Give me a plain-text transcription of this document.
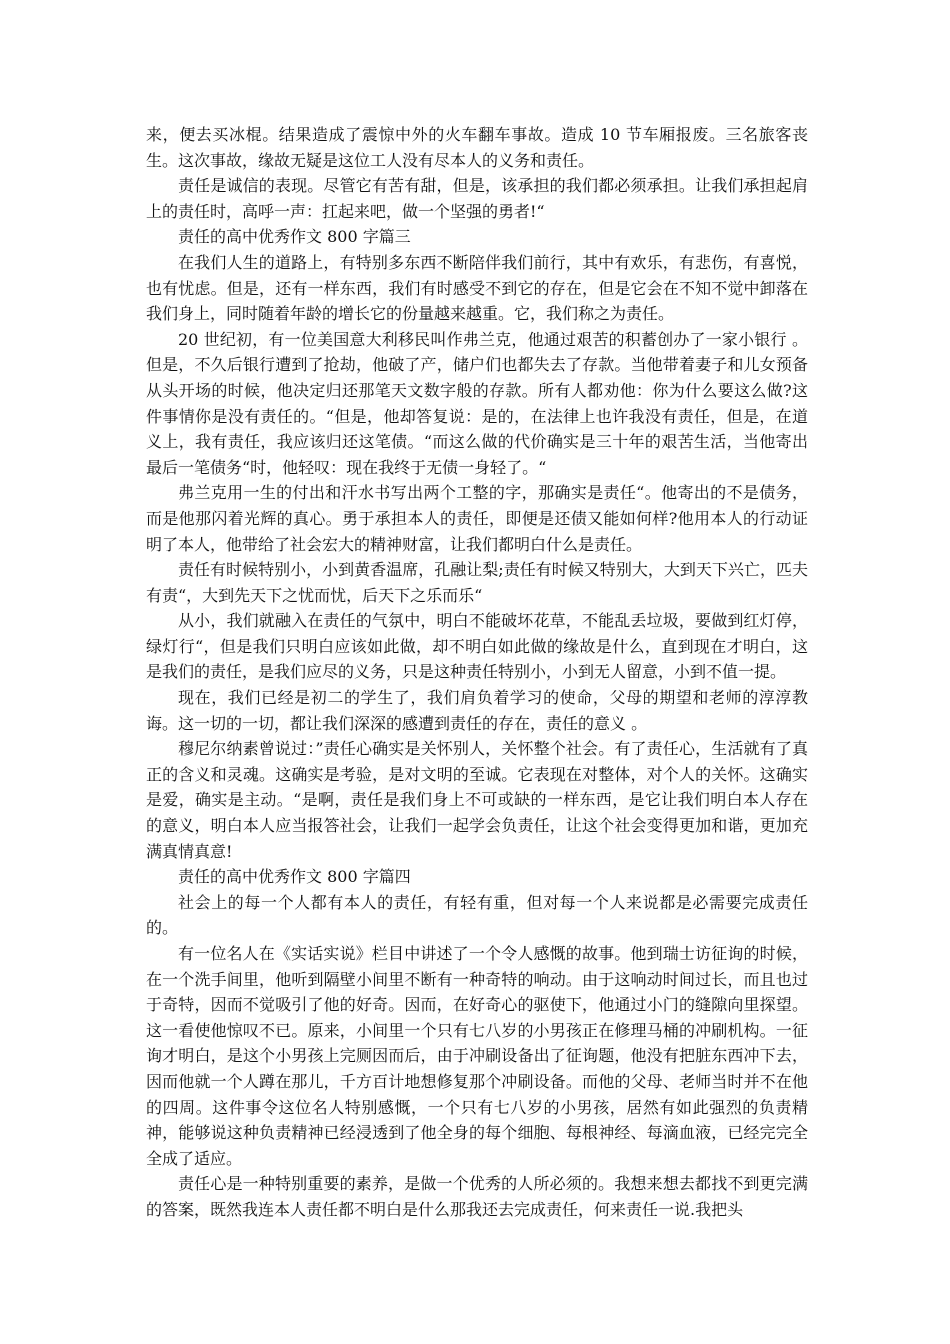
来，便去买冰棍。结果造成了震惊中外的火车翻车事故。造成 10 节车厢报废。三名旅客丧生。这次事故，缘故无疑是这位工人没有尽本人的义务和责任。

责任是诚信的表现。尽管它有苦有甜，但是，该承担的我们都必须承担。让我们承担起肩上的责任时，高呼一声：扛起来吧，做一个坚强的勇者!“

责任的高中优秀作文 800 字篇三

在我们人生的道路上，有特别多东西不断陪伴我们前行，其中有欢乐，有悲伤，有喜悦，也有忧虑。但是，还有一样东西，我们有时感受不到它的存在，但是它会在不知不觉中卸落在我们身上，同时随着年龄的增长它的份量越来越重。它，我们称之为责任。

20 世纪初，有一位美国意大利移民叫作弗兰克，他通过艰苦的积蓄创办了一家小银行 。但是，不久后银行遭到了抢劫，他破了产，储户们也都失去了存款。当他带着妻子和儿女预备从头开场的时候，他决定归还那笔天文数字般的存款。所有人都劝他：你为什么要这么做?这件事情你是没有责任的。“但是，他却答复说：是的，在法律上也许我没有责任，但是，在道义上，我有责任，我应该归还这笔债。“而这么做的代价确实是三十年的艰苦生活，当他寄出最后一笔债务“时，他轻叹：现在我终于无债一身轻了。“

弗兰克用一生的付出和汗水书写出两个工整的字，那确实是责任“。他寄出的不是债务，而是他那闪着光辉的真心。勇于承担本人的责任，即便是还债又能如何样?他用本人的行动证明了本人，他带给了社会宏大的精神财富，让我们都明白什么是责任。

责任有时候特别小，小到黄香温席，孔融让梨;责任有时候又特别大，大到天下兴亡，匹夫有责“，大到先天下之忧而忧，后天下之乐而乐“

从小，我们就融入在责任的气氛中，明白不能破坏花草，不能乱丢垃圾，要做到红灯停，绿灯行“，但是我们只明白应该如此做，却不明白如此做的缘故是什么，直到现在才明白，这是我们的责任，是我们应尽的义务，只是这种责任特别小，小到无人留意，小到不值一提。

现在，我们已经是初二的学生了，我们肩负着学习的使命，父母的期望和老师的淳淳教诲。这一切的一切，都让我们深深的感遭到责任的存在，责任的意义 。

穆尼尔纳素曾说过：”责任心确实是关怀别人，关怀整个社会。有了责任心，生活就有了真正的含义和灵魂。这确实是考验，是对文明的至诚。它表现在对整体，对个人的关怀。这确实是爱，确实是主动。“是啊，责任是我们身上不可或缺的一样东西，是它让我们明白本人存在的意义，明白本人应当报答社会，让我们一起学会负责任，让这个社会变得更加和谐，更加充满真情真意!

责任的高中优秀作文 800 字篇四

社会上的每一个人都有本人的责任，有轻有重，但对每一个人来说都是必需要完成责任的。

有一位名人在《实话实说》栏目中讲述了一个令人感慨的故事。他到瑞士访征询的时候，在一个洗手间里，他听到隔壁小间里不断有一种奇特的响动。由于这响动时间过长，而且也过于奇特，因而不觉吸引了他的好奇。因而，在好奇心的驱使下，他通过小门的缝隙向里探望。这一看使他惊叹不已。原来，小间里一个只有七八岁的小男孩正在修理马桶的冲刷机构。一征询才明白，是这个小男孩上完厕因而后，由于冲刷设备出了征询题，他没有把脏东西冲下去，因而他就一个人蹲在那儿，千方百计地想修复那个冲刷设备。而他的父母、老师当时并不在他的四周。这件事令这位名人特别感慨，一个只有七八岁的小男孩，居然有如此强烈的负责精神，能够说这种负责精神已经浸透到了他全身的每个细胞、每根神经、每滴血液，已经完完全全成了适应。

责任心是一种特别重要的素养，是做一个优秀的人所必须的。我想来想去都找不到更完满的答案，既然我连本人责任都不明白是什么那我还去完成责任，何来责任一说.我把头
